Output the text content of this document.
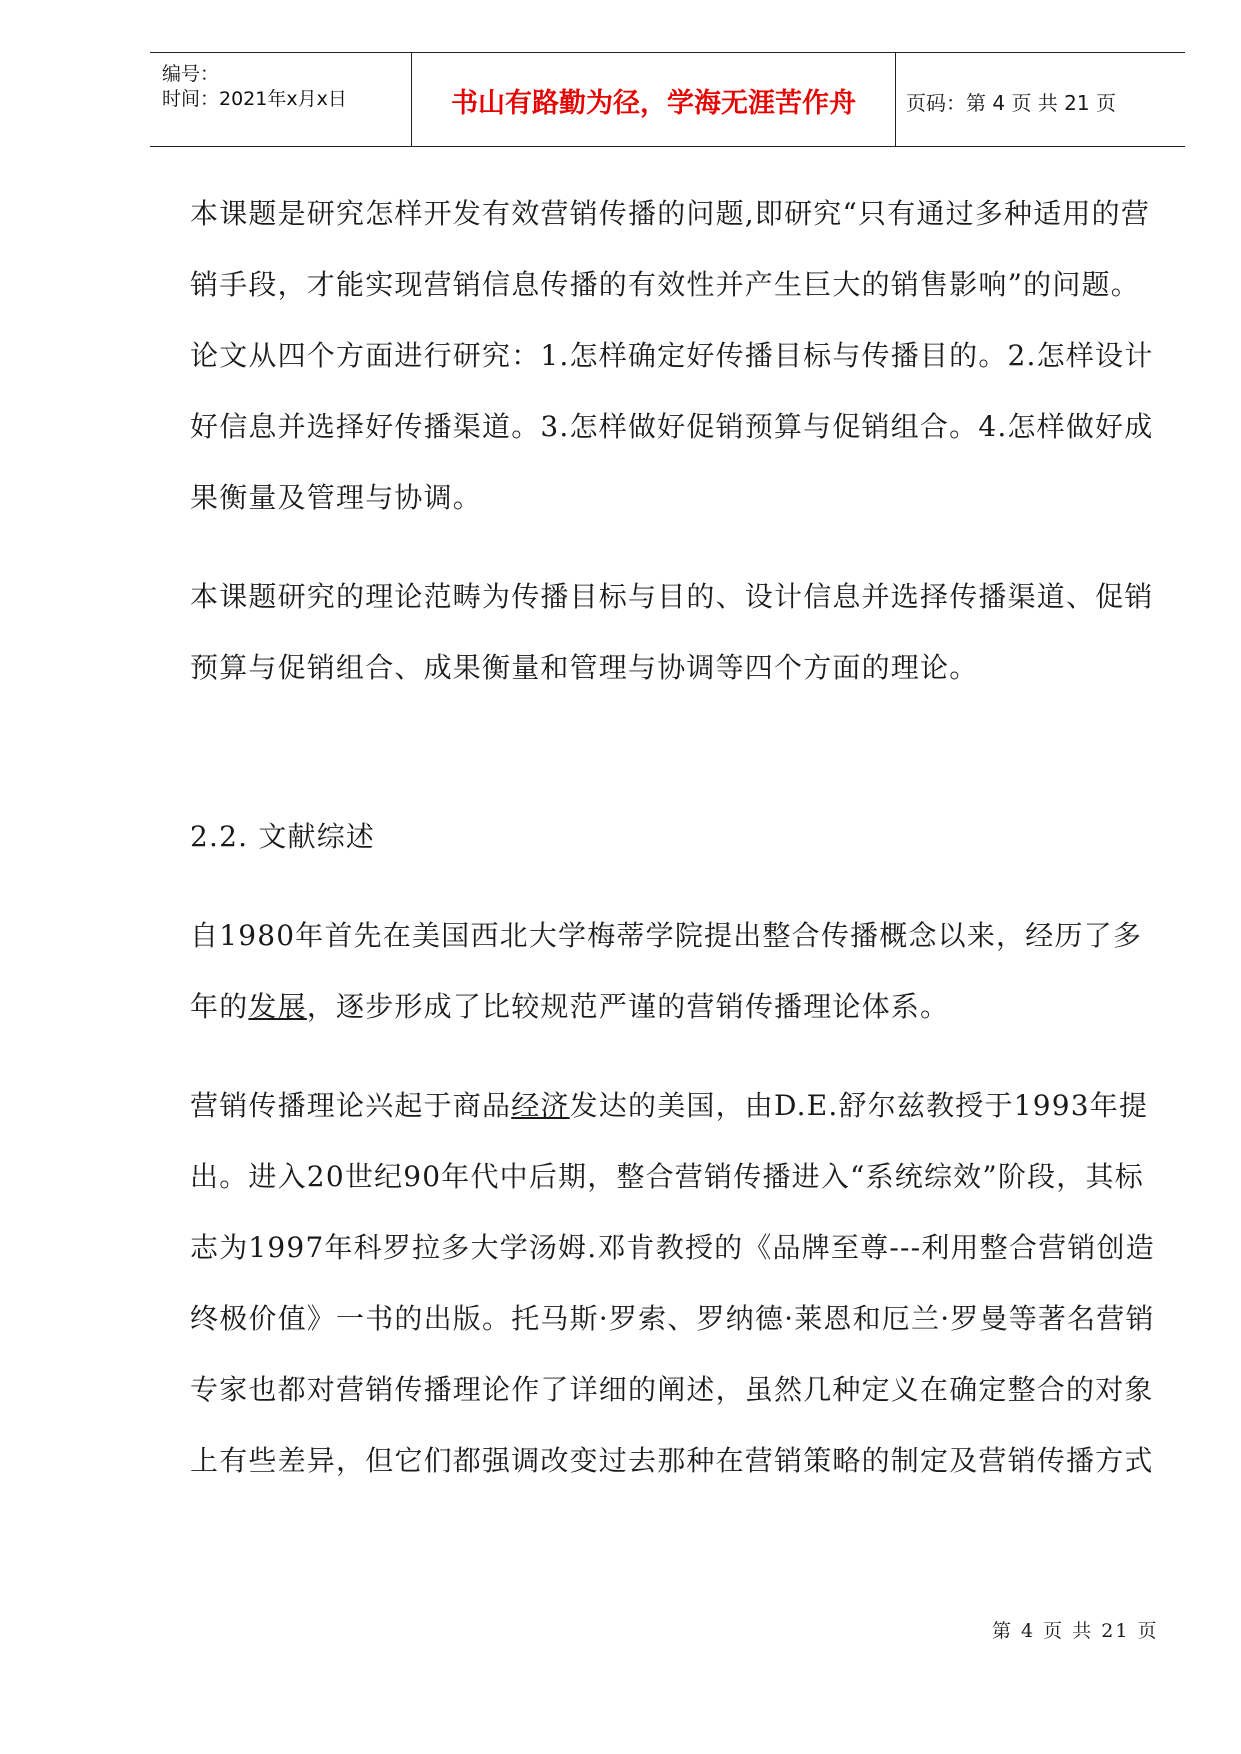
编号：
时间：2021年x月x日	书山有路勤为径，学海无涯苦作舟	页码：第 4 页 共 21 页

本课题是研究怎样开发有效营销传播的问题,即研究“只有通过多种适用的营
销手段，才能实现营销信息传播的有效性并产生巨大的销售影响”的问题。
论文从四个方面进行研究：1.怎样确定好传播目标与传播目的。2.怎样设计
好信息并选择好传播渠道。3.怎样做好促销预算与促销组合。4.怎样做好成
果衡量及管理与协调。

本课题研究的理论范畴为传播目标与目的、设计信息并选择传播渠道、促销
预算与促销组合、成果衡量和管理与协调等四个方面的理论。

2.2. 文献综述

自1980年首先在美国西北大学梅蒂学院提出整合传播概念以来，经历了多
年的发展，逐步形成了比较规范严谨的营销传播理论体系。

营销传播理论兴起于商品经济发达的美国，由D.E.舒尔兹教授于1993年提
出。进入20世纪90年代中后期，整合营销传播进入“系统综效”阶段，其标
志为1997年科罗拉多大学汤姆.邓肯教授的《品牌至尊---利用整合营销创造
终极价值》一书的出版。托马斯·罗索、罗纳德·莱恩和厄兰·罗曼等著名营销
专家也都对营销传播理论作了详细的阐述，虽然几种定义在确定整合的对象
上有些差异，但它们都强调改变过去那种在营销策略的制定及营销传播方式

第 4 页 共 21 页
